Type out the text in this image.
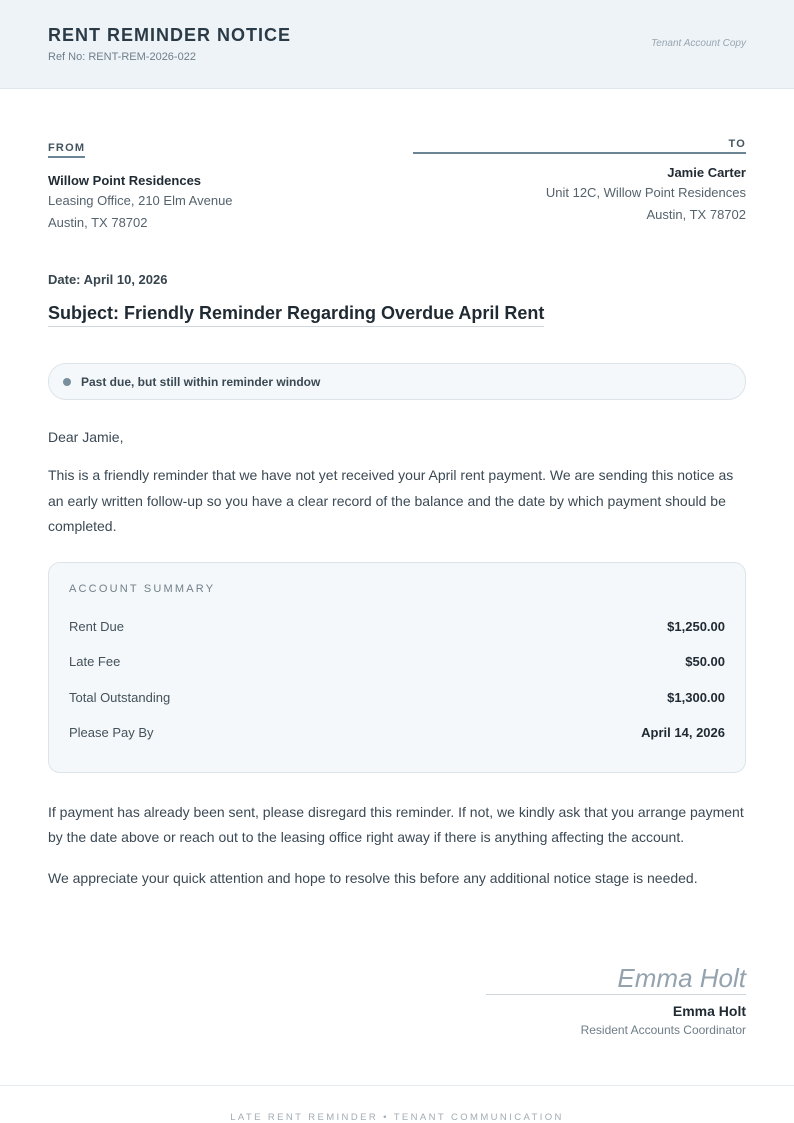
RENT REMINDER NOTICE
Ref No: RENT-REM-2026-022
Tenant Account Copy
FROM
Willow Point Residences
Leasing Office, 210 Elm Avenue
Austin, TX 78702
TO
Jamie Carter
Unit 12C, Willow Point Residences
Austin, TX 78702
Date: April 10, 2026
Subject: Friendly Reminder Regarding Overdue April Rent
Past due, but still within reminder window
Dear Jamie,

This is a friendly reminder that we have not yet received your April rent payment. We are sending this notice as an early written follow-up so you have a clear record of the balance and the date by which payment should be completed.

ACCOUNT SUMMARY
Rent Due	$1,250.00
Late Fee	$50.00
Total Outstanding	$1,300.00
Please Pay By	April 14, 2026

If payment has already been sent, please disregard this reminder. If not, we kindly ask that you arrange payment by the date above or reach out to the leasing office right away if there is anything affecting the account.

We appreciate your quick attention and hope to resolve this before any additional notice stage is needed.

Emma Holt
Emma Holt
Resident Accounts Coordinator
LATE RENT REMINDER • TENANT COMMUNICATION
